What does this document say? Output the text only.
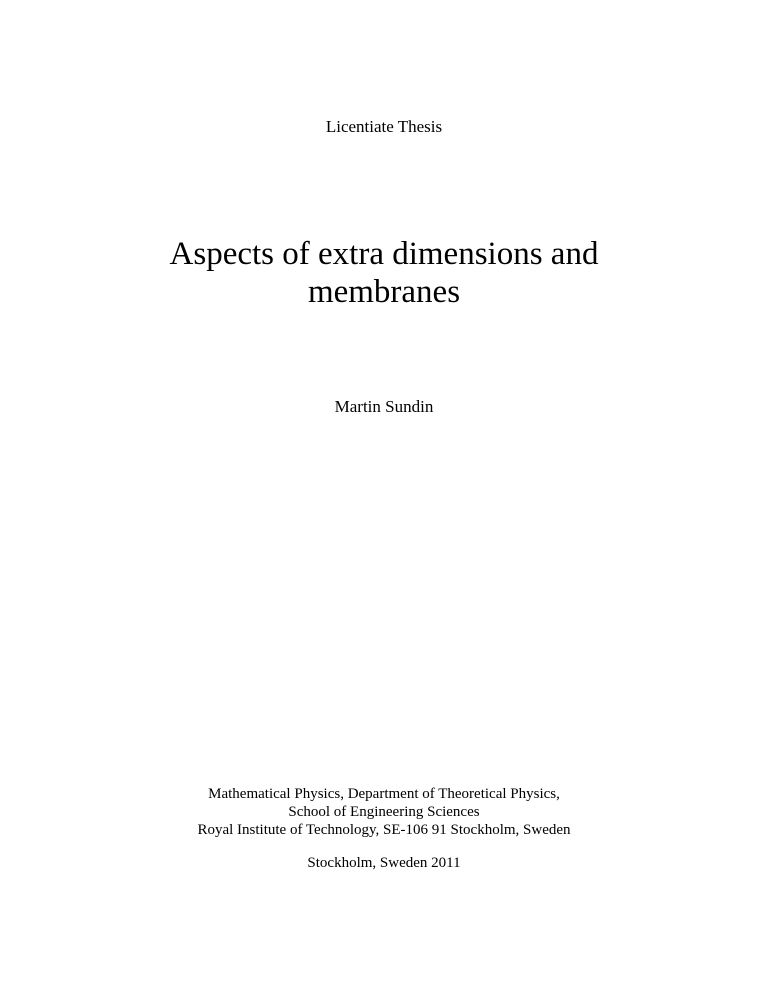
Licentiate Thesis
Aspects of extra dimensions and
membranes
Martin Sundin
Mathematical Physics, Department of Theoretical Physics,
School of Engineering Sciences
Royal Institute of Technology, SE-106 91 Stockholm, Sweden
Stockholm, Sweden 2011
